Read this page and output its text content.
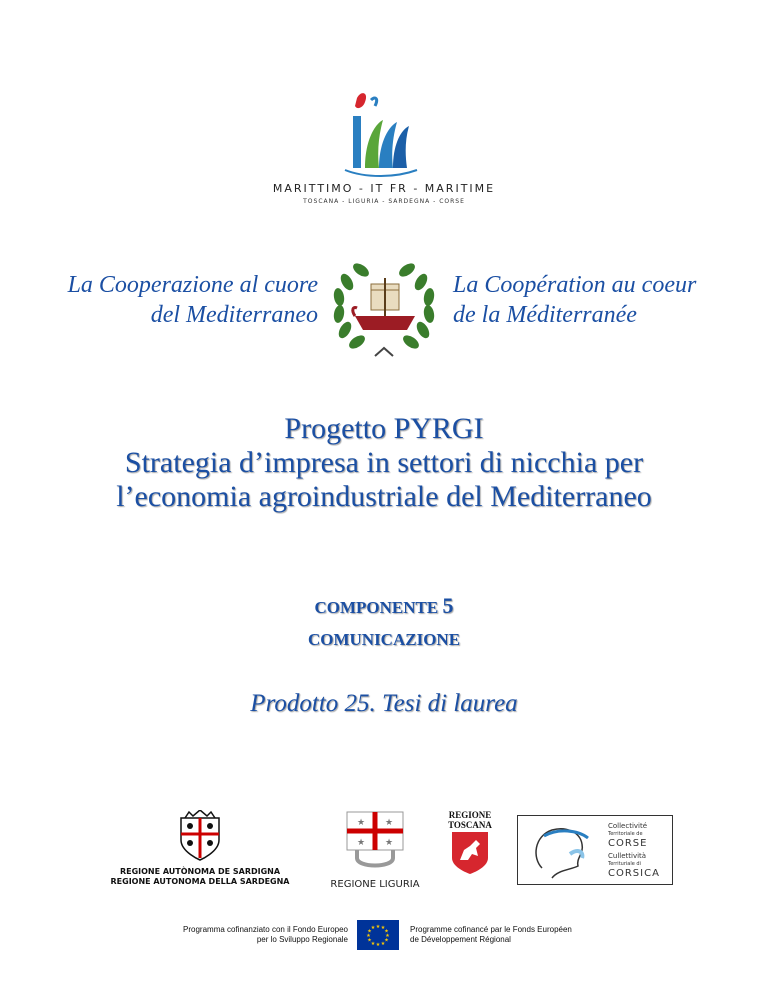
MARITTIMO - IT FR - MARITIME
TOSCANA - LIGURIA - SARDEGNA - CORSE
La Cooperazione al cuore
del Mediterraneo
La Coopération au coeur
de la Méditerranée
Progetto PYRGI
Strategia d’impresa in settori di nicchia per
l’economia agroindustriale del Mediterraneo
COMPONENTE 5
COMUNICAZIONE
Prodotto 25. Tesi di laurea
REGIONE AUTÒNOMA DE SARDIGNA
REGIONE AUTONOMA DELLA SARDEGNA
★ ★
★ ★
REGIONE LIGURIA
REGIONE
TOSCANA	Collectivité
Territoriale de
CORSE
Cullettività
Territuriale di
CORSICA
Programma cofinanziato con il Fondo Europeo
per lo Sviluppo Regionale
★ ★
★
★
★
★
★
★
★
★
★
★	Programme cofinancé par le Fonds Européen
de Développement Régional
